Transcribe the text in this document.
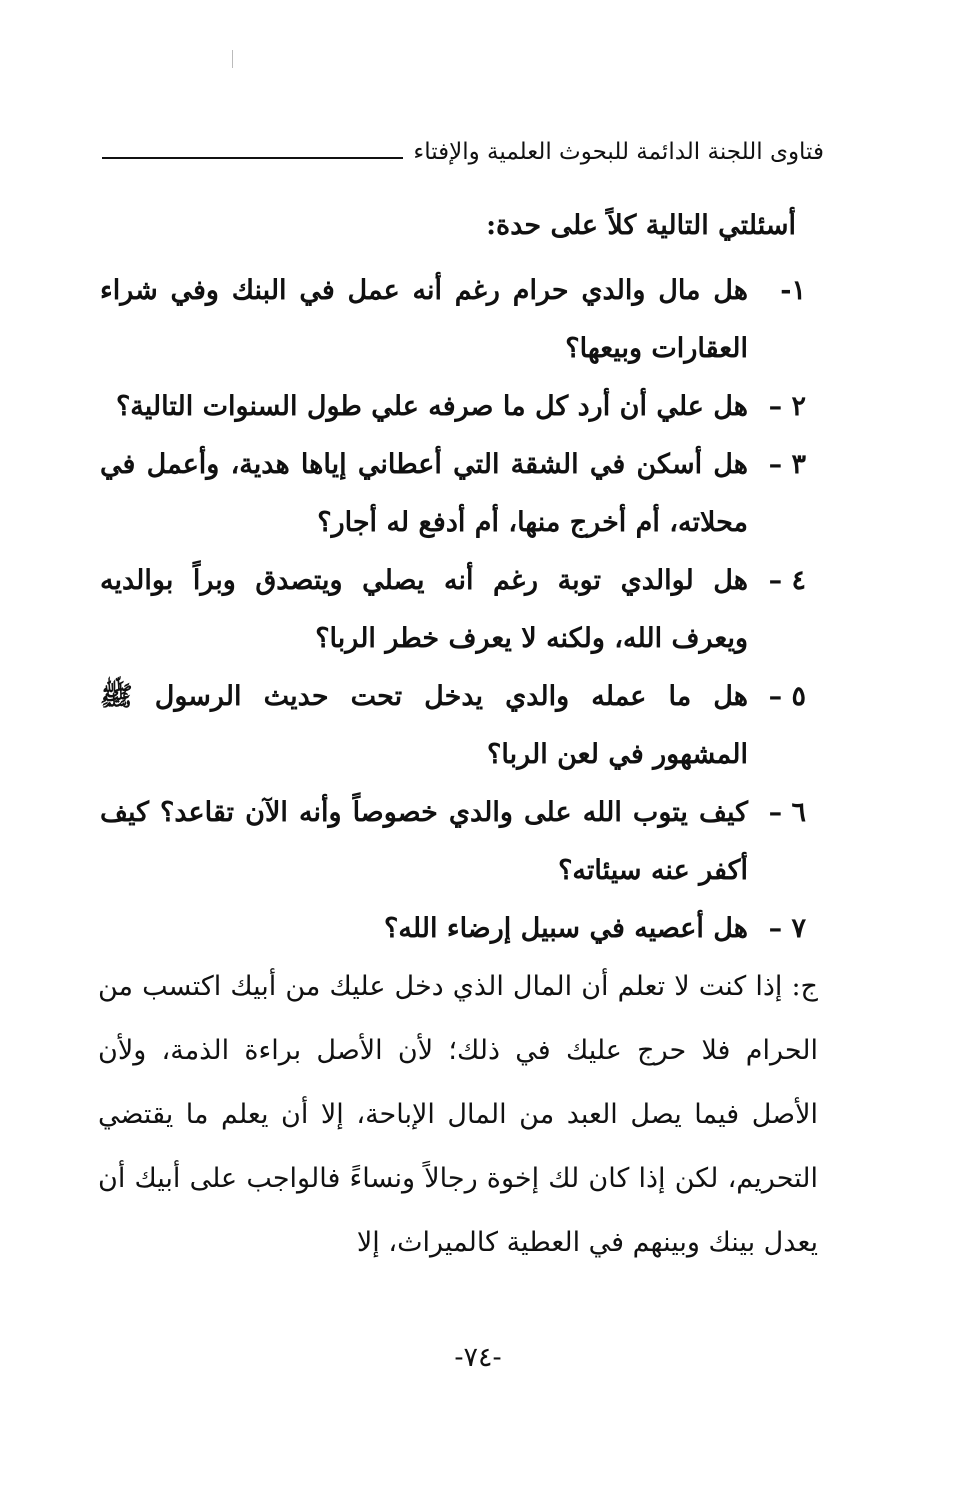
فتاوى اللجنة الدائمة للبحوث العلمية والإفتاء
أسئلتي التالية كلاً على حدة:
١-
هل مال والدي حرام رغم أنه عمل في البنك وفي شراء العقارات وبيعها؟
٢ –
هل علي أن أرد كل ما صرفه علي طول السنوات التالية؟
٣ –
هل أسكن في الشقة التي أعطاني إياها هدية، وأعمل في محلاته، أم أخرج منها، أم أدفع له أجار؟
٤ –
هل لوالدي توبة رغم أنه يصلي ويتصدق وبراً بوالديه ويعرف الله، ولكنه لا يعرف خطر الربا؟
٥ –
هل ما عمله والدي يدخل تحت حديث الرسول ﷺ المشهور في لعن الربا؟
٦ –
كيف يتوب الله على والدي خصوصاً وأنه الآن تقاعد؟ كيف أكفر عنه سيئاته؟
٧ –
هل أعصيه في سبيل إرضاء الله؟
ج: إذا كنت لا تعلم أن المال الذي دخل عليك من أبيك اكتسب من الحرام فلا حرج عليك في ذلك؛ لأن الأصل براءة الذمة، ولأن الأصل فيما يصل العبد من المال الإباحة، إلا أن يعلم ما يقتضي التحريم، لكن إذا كان لك إخوة رجالاً ونساءً فالواجب على أبيك أن يعدل بينك وبينهم في العطية كالميراث، إلا
-٧٤-
